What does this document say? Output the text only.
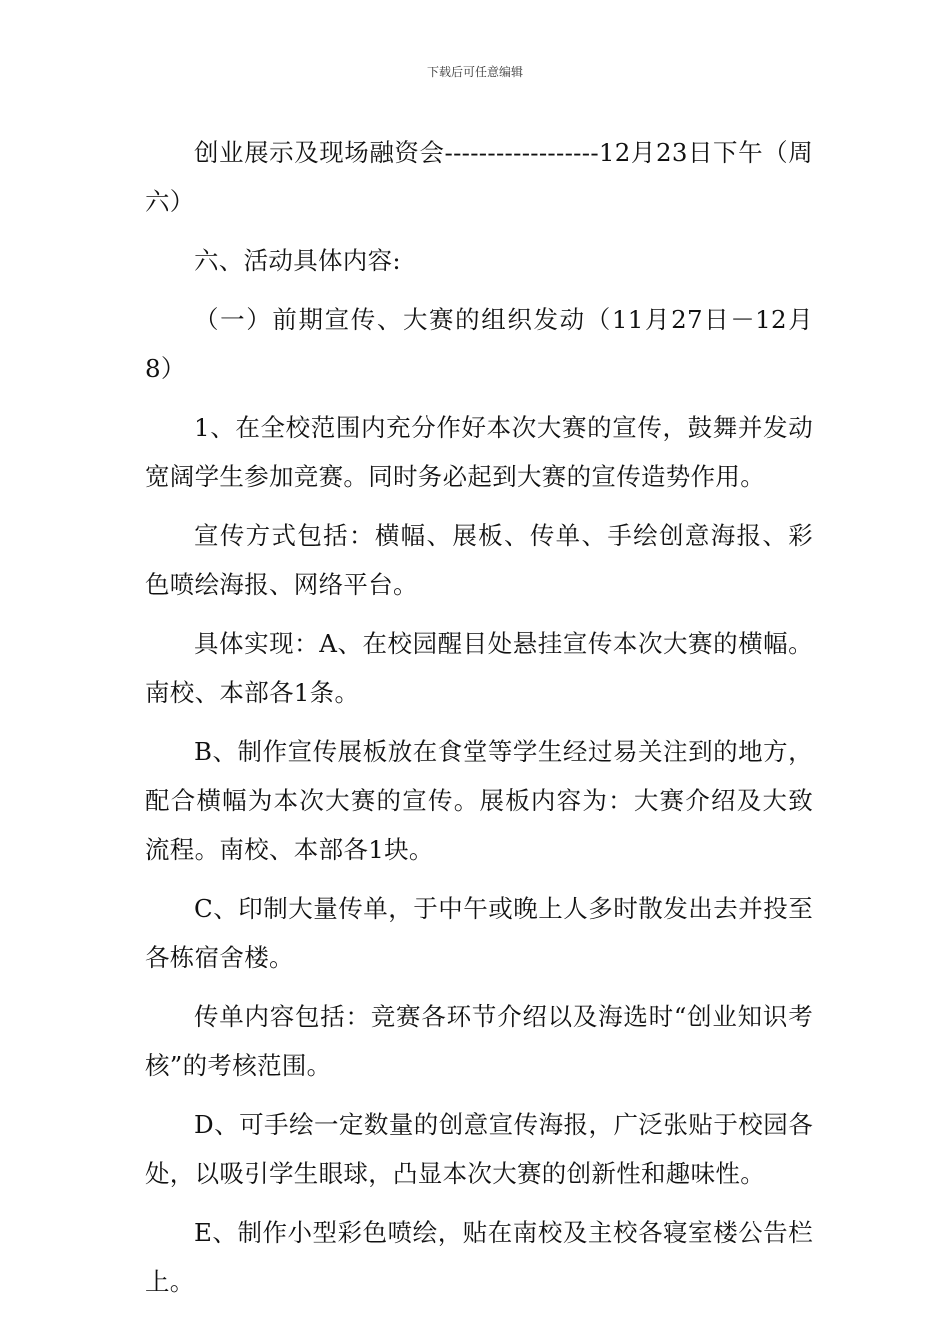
下载后可任意编辑

创业展示及现场融资会------------------12月23日下午（周六）

六、活动具体内容:

（一）前期宣传、大赛的组织发动（11月27日－12月8）

1、在全校范围内充分作好本次大赛的宣传，鼓舞并发动宽阔学生参加竞赛。同时务必起到大赛的宣传造势作用。

宣传方式包括：横幅、展板、传单、手绘创意海报、彩色喷绘海报、网络平台。

具体实现：A、在校园醒目处悬挂宣传本次大赛的横幅。南校、本部各1条。

B、制作宣传展板放在食堂等学生经过易关注到的地方，配合横幅为本次大赛的宣传。展板内容为：大赛介绍及大致流程。南校、本部各1块。

C、印制大量传单，于中午或晚上人多时散发出去并投至各栋宿舍楼。

传单内容包括：竞赛各环节介绍以及海选时“创业知识考核”的考核范围。

D、可手绘一定数量的创意宣传海报，广泛张贴于校园各处，以吸引学生眼球，凸显本次大赛的创新性和趣味性。

E、制作小型彩色喷绘，贴在南校及主校各寝室楼公告栏上。
